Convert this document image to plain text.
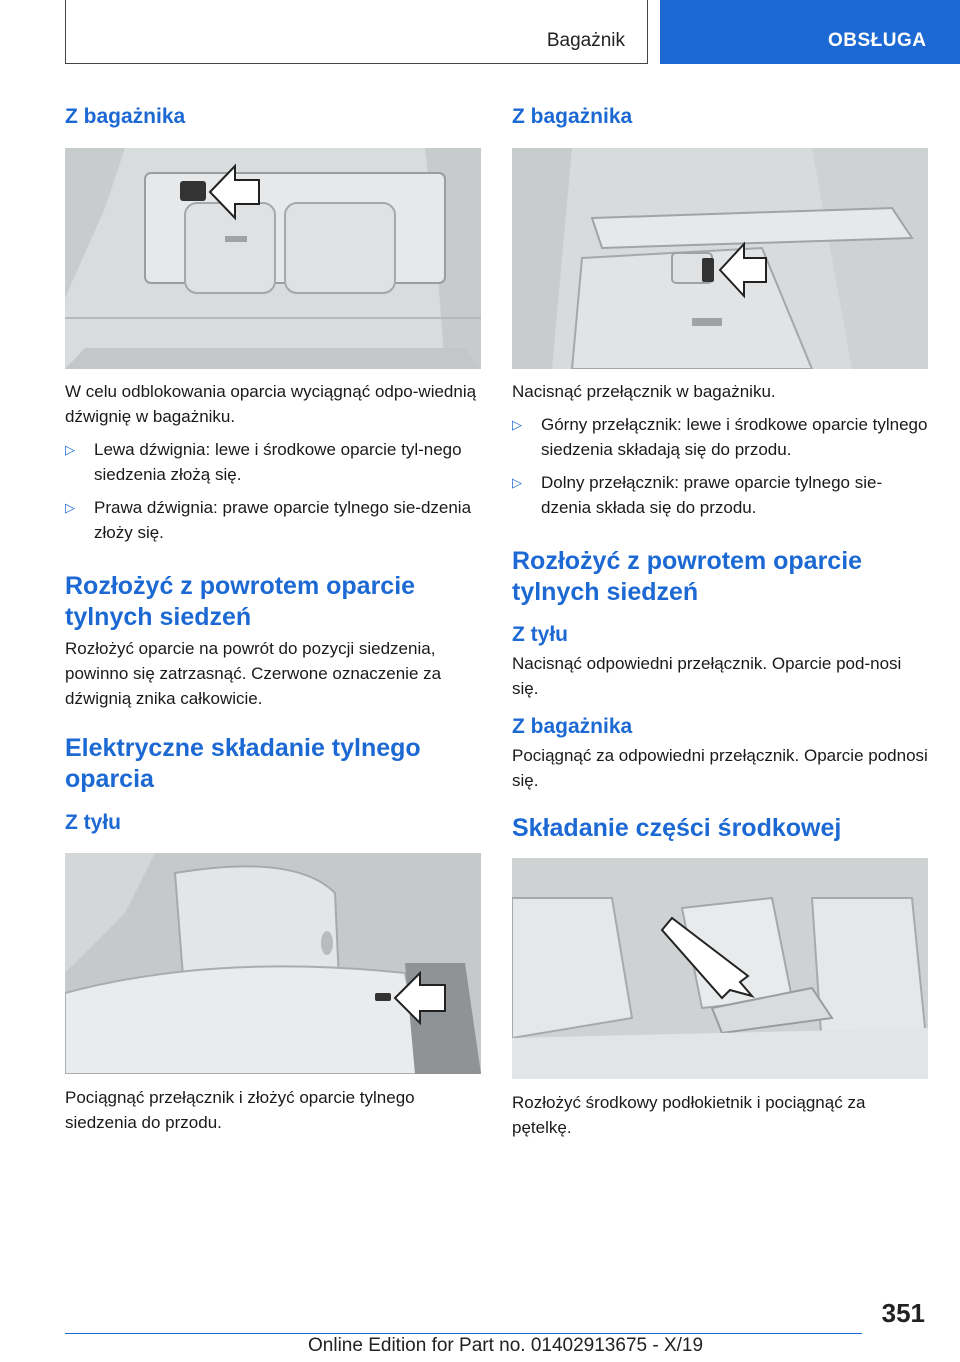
Bagażnik	OBSŁUGA
Z bagażnika

W celu odblokowania oparcia wyciągnąć odpo-wiednią dźwignię w bagażniku.

▷ Lewa dźwignia: lewe i środkowe oparcie tyl-nego siedzenia złożą się.
▷ Prawa dźwignia: prawe oparcie tylnego sie-dzenia złoży się.
Rozłożyć z powrotem oparcie tylnych siedzeń

Rozłożyć oparcie na powrót do pozycji siedzenia, powinno się zatrzasnąć. Czerwone oznaczenie za dźwignią znika całkowicie.

Elektryczne składanie tylnego oparcia
Z tyłu

Pociągnąć przełącznik i złożyć oparcie tylnego siedzenia do przodu.

Z bagażnika

Nacisnąć przełącznik w bagażniku.

▷ Górny przełącznik: lewe i środkowe oparcie tylnego siedzenia składają się do przodu.
▷ Dolny przełącznik: prawe oparcie tylnego sie-dzenia składa się do przodu.
Rozłożyć z powrotem oparcie tylnych siedzeń
Z tyłu

Nacisnąć odpowiedni przełącznik. Oparcie pod-nosi się.

Z bagażnika

Pociągnąć za odpowiedni przełącznik. Oparcie podnosi się.

Składanie części środkowej

Rozłożyć środkowy podłokietnik i pociągnąć za pętelkę.

351
Online Edition for Part no. 01402913675 - X/19
